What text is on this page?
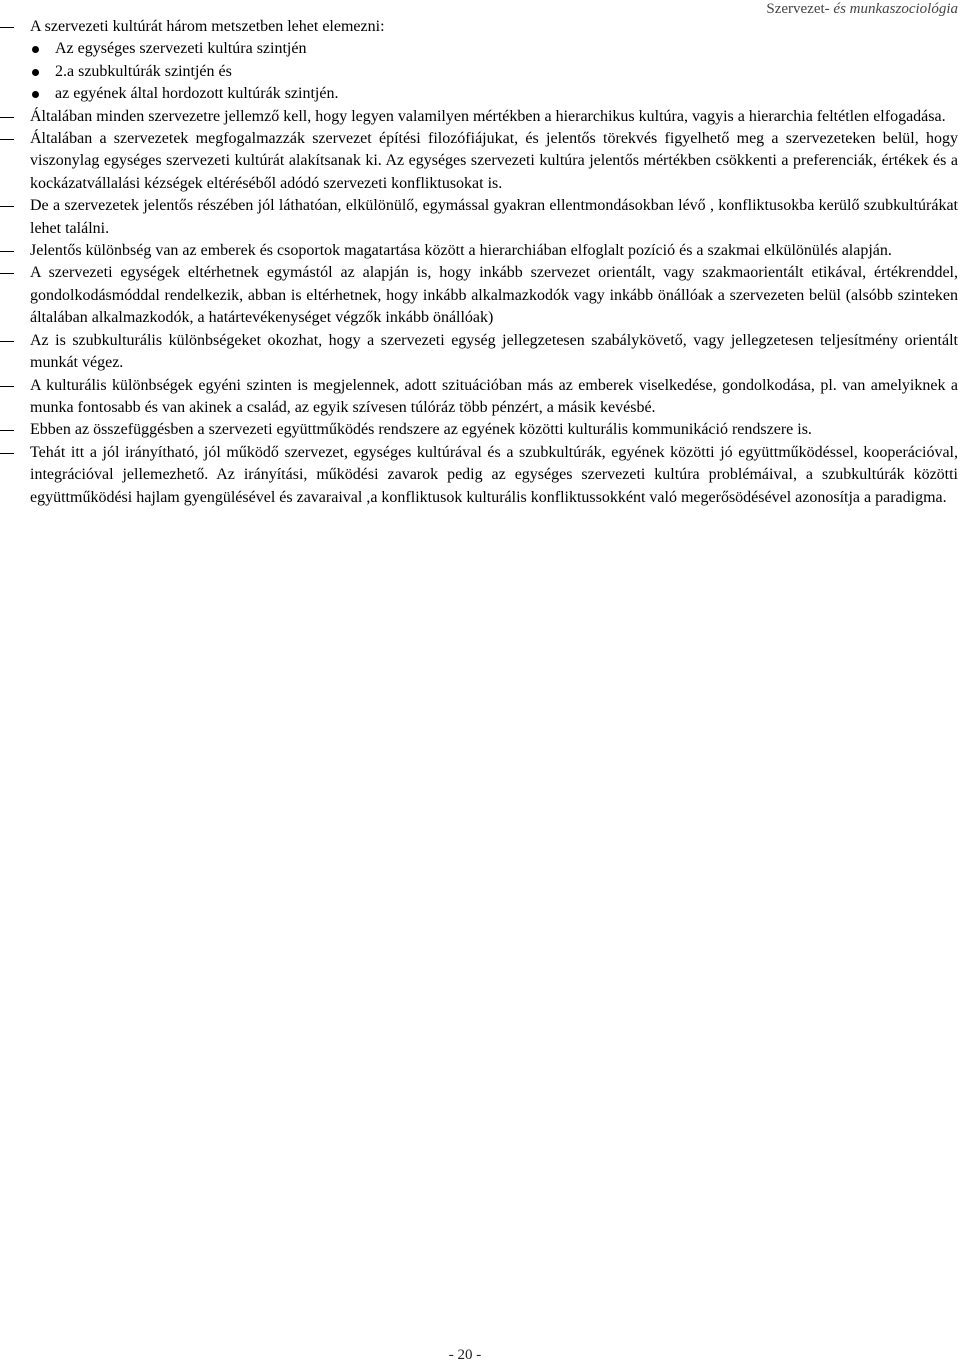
Szervezet- és munkaszociológia
A szervezeti kultúrát három metszetben lehet elemezni:
Az egységes szervezeti kultúra szintjén
2.a szubkultúrák szintjén és
az egyének által hordozott kultúrák szintjén.
Általában minden szervezetre jellemző kell, hogy legyen valamilyen mértékben a hierarchikus kultúra, vagyis a hierarchia feltétlen elfogadása.
Általában a szervezetek megfogalmazzák szervezet építési filozófiájukat, és jelentős törekvés figyelhető meg a szervezeteken belül, hogy viszonylag egységes szervezeti kultúrát alakítsanak ki. Az egységes szervezeti kultúra jelentős mértékben csökkenti a preferenciák, értékek és a kockázatvállalási kézségek eltéréséből adódó szervezeti konfliktusokat is.
De a szervezetek jelentős részében jól láthatóan, elkülönülő, egymással gyakran ellentmondásokban lévő , konfliktusokba kerülő szubkultúrákat lehet találni.
Jelentős különbség van az emberek és csoportok magatartása között a hierarchiában elfoglalt pozíció és a szakmai elkülönülés alapján.
A szervezeti egységek eltérhetnek egymástól az alapján is, hogy inkább szervezet orientált, vagy szakmaorientált etikával, értékrenddel, gondolkodásmóddal rendelkezik, abban is eltérhetnek, hogy inkább alkalmazkodók vagy inkább önállóak a szervezeten belül (alsóbb szinteken általában alkalmazkodók, a határtevékenységet végzők inkább önállóak)
Az is szubkulturális különbségeket okozhat, hogy a szervezeti egység jellegzetesen szabálykövető, vagy jellegzetesen teljesítmény orientált munkát végez.
A kulturális különbségek egyéni szinten is megjelennek, adott szituációban más az emberek viselkedése, gondolkodása, pl. van amelyiknek a munka fontosabb és van akinek a család, az egyik szívesen túlóráz több pénzért, a másik kevésbé.
Ebben az összefüggésben a szervezeti együttműködés rendszere az egyének közötti kulturális kommunikáció rendszere is.
Tehát itt a jól irányítható, jól működő szervezet, egységes kultúrával és a szubkultúrák, egyének közötti jó együttműködéssel, kooperációval, integrációval jellemezhető. Az irányítási, működési zavarok pedig az egységes szervezeti kultúra problémáival, a szubkultúrák közötti együttműködési hajlam gyengülésével és zavaraival ,a konfliktusok kulturális konfliktussokként való megerősödésével azonosítja a paradigma.
- 20 -
